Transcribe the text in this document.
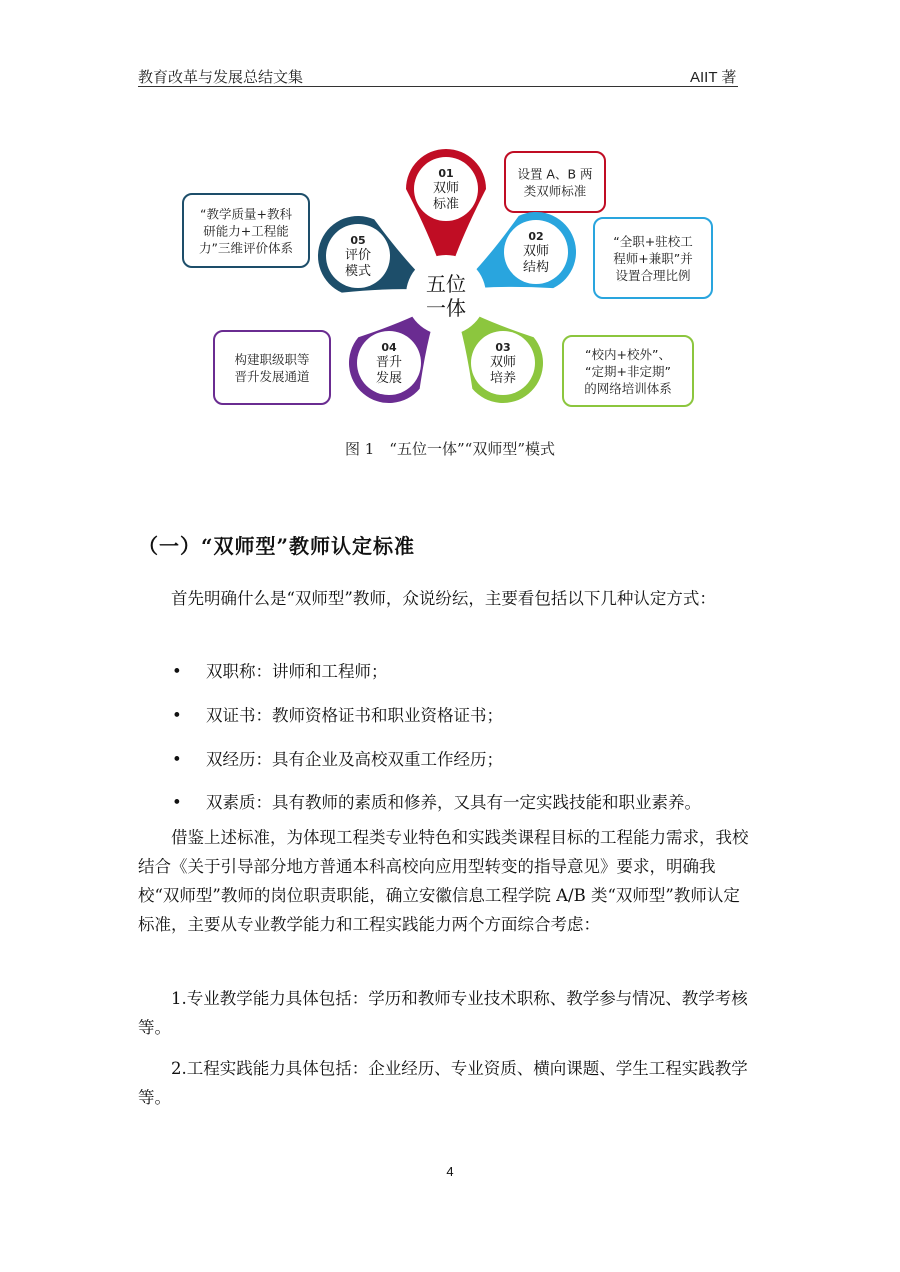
教育改革与发展总结文集	AIIT 著
01
双师
标准
设置 A、B 两
类双师标准
02
双师
结构
“全职+驻校工
程师+兼职”并
设置合理比例
03
双师
培养
“校内+校外”、
“定期+非定期”
的网络培训体系
04
晋升
发展
构建职级职等
晋升发展通道
05
评价
模式
“教学质量+教科
研能力+工程能
力”三维评价体系
五位
一体
图 1　“五位一体”“双师型”模式
（一）“双师型”教师认定标准

首先明确什么是“双师型”教师，众说纷纭，主要看包括以下几种认定方式：

• 双职称：讲师和工程师；
• 双证书：教师资格证书和职业资格证书；
• 双经历：具有企业及高校双重工作经历；
• 双素质：具有教师的素质和修养，又具有一定实践技能和职业素养。

借鉴上述标准，为体现工程类专业特色和实践类课程目标的工程能力需求，我校结合《关于引导部分地方普通本科高校向应用型转变的指导意见》要求，明确我校“双师型”教师的岗位职责职能，确立安徽信息工程学院 A/B 类“双师型”教师认定标准，主要从专业教学能力和工程实践能力两个方面综合考虑：

1.专业教学能力具体包括：学历和教师专业技术职称、教学参与情况、教学考核等。

2.工程实践能力具体包括：企业经历、专业资质、横向课题、学生工程实践教学等。

4
